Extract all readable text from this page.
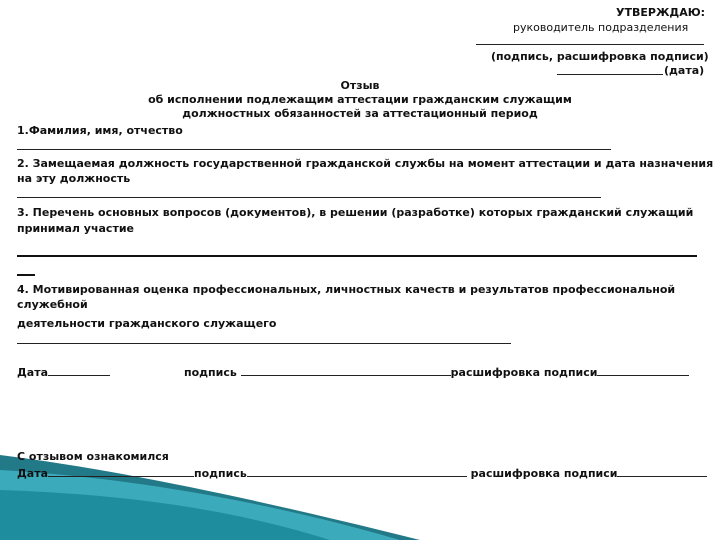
УТВЕРЖДАЮ:
руководитель подразделения
(подпись, расшифровка подписи)
(дата)
Отзыв
об исполнении подлежащим аттестации гражданским служащим
должностных обязанностей за аттестационный период
1.Фамилия, имя, отчество
2. Замещаемая должность государственной гражданской службы на момент аттестации и дата назначения
на эту должность
3. Перечень основных вопросов (документов), в решении (разработке) которых гражданский служащий
принимал участие
4. Мотивированная оценка профессиональных, личностных качеств и результатов профессиональной
служебной
деятельности гражданского служащего
Дата	подпись	расшифровка подписи
С отзывом ознакомился
Дата	подпись	расшифровка подписи
